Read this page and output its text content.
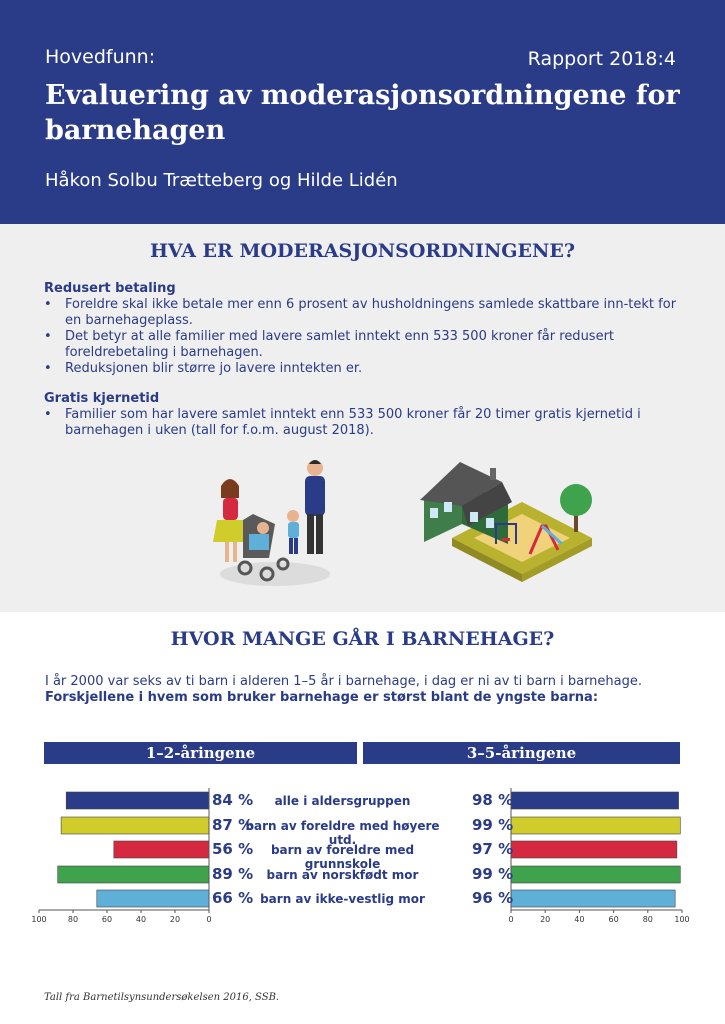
Hovedfunn:	Rapport 2018:4
Evaluering av moderasjonsordningene for barnehagen
Håkon Solbu Trætteberg og Hilde Lidén
HVA ER MODERASJONSORDNINGENE?
Redusert betaling
• Foreldre skal ikke betale mer enn 6 prosent av husholdningens samlede skattbare inn-tekt for en barnehageplass.
• Det betyr at alle familier med lavere samlet inntekt enn 533 500 kroner får redusert foreldrebetaling i barnehagen.
• Reduksjonen blir større jo lavere inntekten er.
Gratis kjernetid
• Familier som har lavere samlet inntekt enn 533 500 kroner får 20 timer gratis kjernetid i barnehagen i uken (tall for f.o.m. august 2018).
HVOR MANGE GÅR I BARNEHAGE?
I år 2000 var seks av ti barn i alderen 1–5 år i barnehage, i dag er ni av ti barn i barnehage.
Forskjellene i hvem som bruker barnehage er størst blant de yngste barna:
1–2-åringene	3–5-åringene
100	80	60	40	20	0	0	20	40	60	80	100
alle i aldersgruppen
84 %	98 %
barn av foreldre med høyere utd.
87 %	99 %
barn av foreldre med grunnskole
56 %	97 %
barn av norskfødt mor
89 %	99 %
barn av ikke-vestlig mor
66 %	96 %
Tall fra Barnetilsynsundersøkelsen 2016, SSB.
